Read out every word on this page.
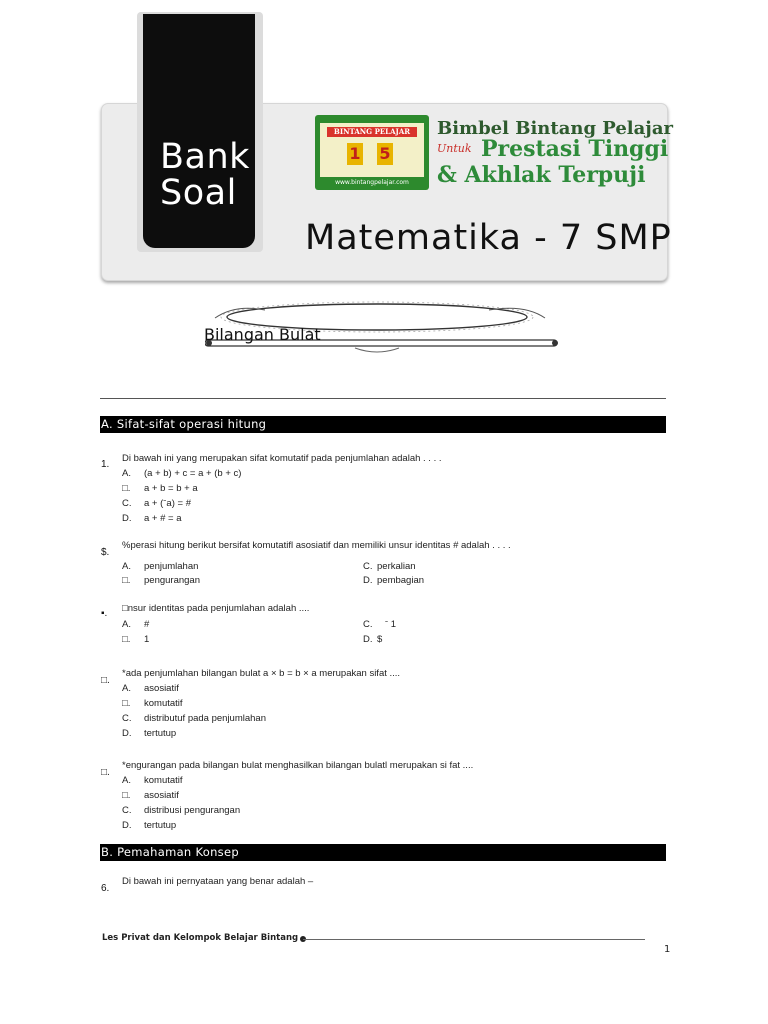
Bank
Soal
BINTANG PELAJAR
1 5
www.bintangpelajar.com
Bimbel Bintang Pelajar
Untuk Prestasi Tinggi
& Akhlak Terpuji
Matematika - 7 SMP
Bilangan Bulat
A. Sifat-sifat operasi hitung
1.
Di bawah ini yang merupakan sifat komutatif pada penjumlahan adalah . . . .
A. (a + b) + c = a + (b + c)
□. a + b = b + a
C. a + (ˉa) = #
D. a + # = a
$.
%perasi hitung berikut bersifat komutatifl asosiatif dan memiliki unsur identitas # adalah . . . .
A. penjumlahan
□. pengurangan
C. perkalian
D. pembagian
▪. □nsur identitas pada penjumlahan adalah ....
A. #
□. 1
C. ˉ 1
D. $
□.
*ada penjumlahan bilangan bulat a × b = b × a merupakan sifat ....
A. asosiatif
□. komutatif
C. distributuf pada penjumlahan
D. tertutup
□.
*engurangan pada bilangan bulat menghasilkan bilangan bulatl merupakan si fat ....
A. komutatif
□. asosiatif
C. distribusi pengurangan
D. tertutup
B. Pemahaman Konsep
6.
Di bawah ini pernyataan yang benar adalah –
Les Privat dan Kelompok Belajar Bintang
1
